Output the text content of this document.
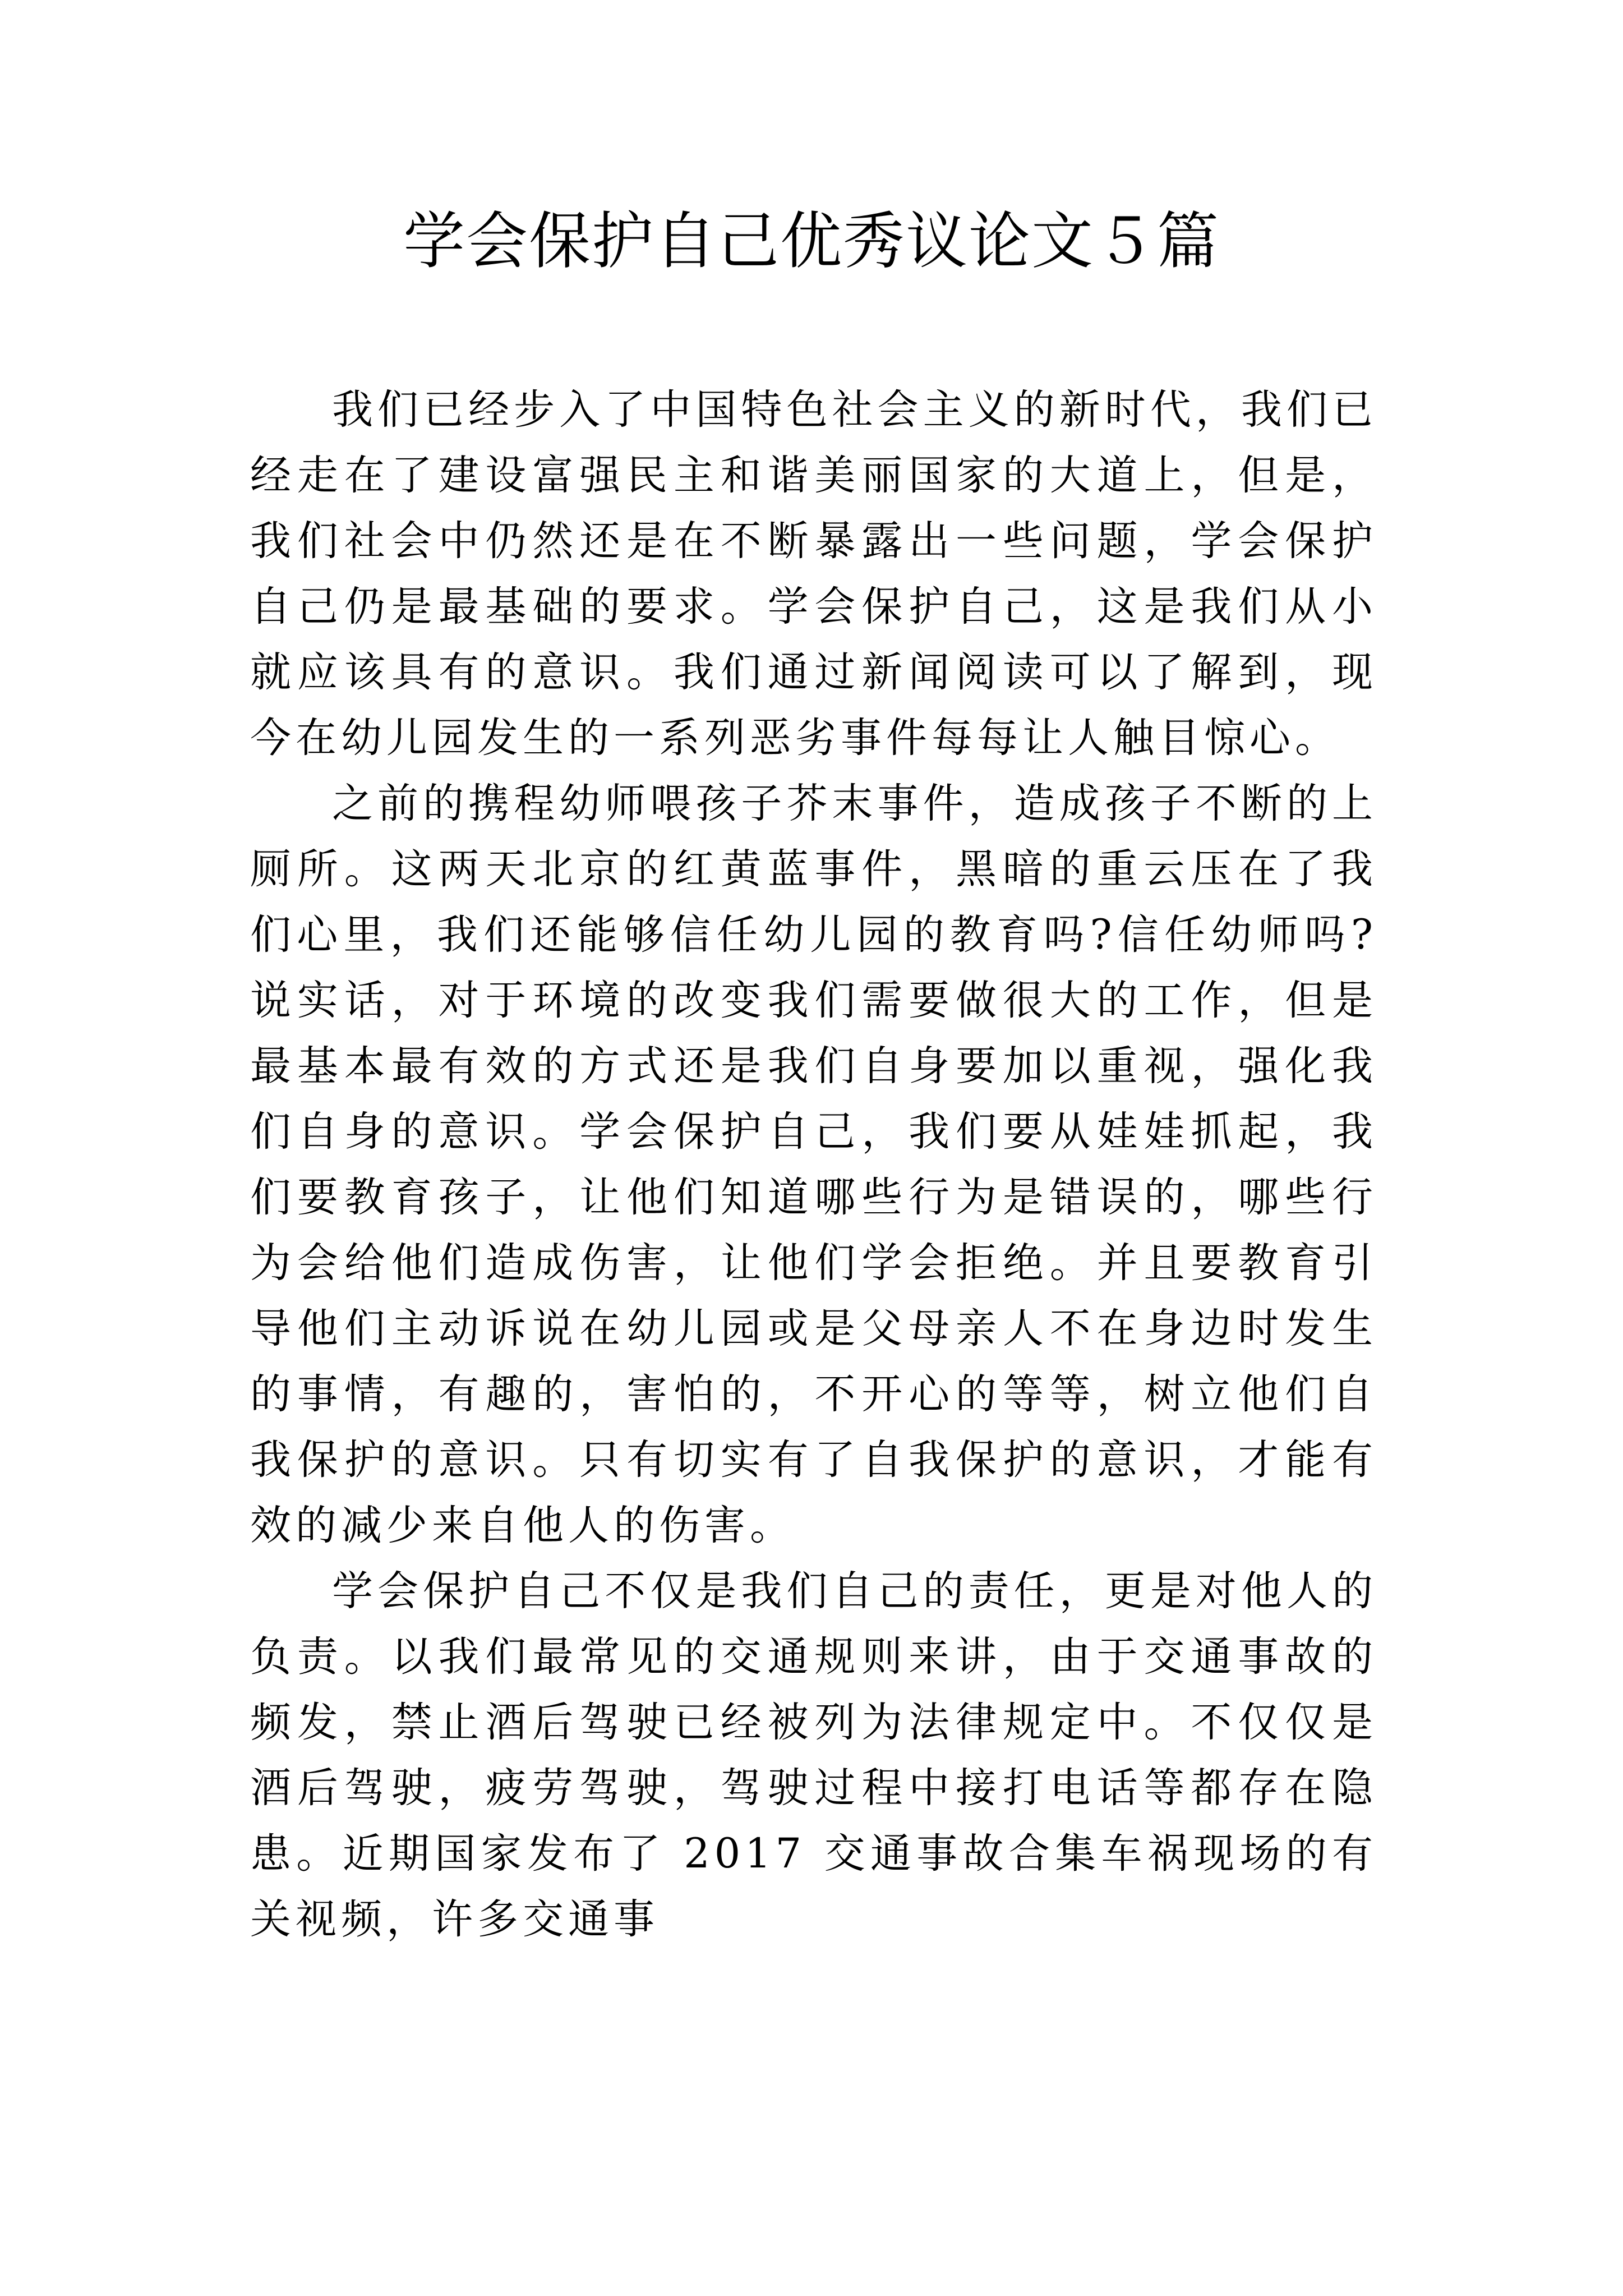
学会保护自己优秀议论文５篇

我们已经步入了中国特色社会主义的新时代，我们已经走在了建设富强民主和谐美丽国家的大道上，但是，我们社会中仍然还是在不断暴露出一些问题，学会保护自己仍是最基础的要求。学会保护自己，这是我们从小就应该具有的意识。我们通过新闻阅读可以了解到，现今在幼儿园发生的一系列恶劣事件每每让人触目惊心。

之前的携程幼师喂孩子芥末事件，造成孩子不断的上厕所。这两天北京的红黄蓝事件，黑暗的重云压在了我们心里，我们还能够信任幼儿园的教育吗?信任幼师吗?说实话，对于环境的改变我们需要做很大的工作，但是最基本最有效的方式还是我们自身要加以重视，强化我们自身的意识。学会保护自己，我们要从娃娃抓起，我们要教育孩子，让他们知道哪些行为是错误的，哪些行为会给他们造成伤害，让他们学会拒绝。并且要教育引导他们主动诉说在幼儿园或是父母亲人不在身边时发生的事情，有趣的，害怕的，不开心的等等，树立他们自我保护的意识。只有切实有了自我保护的意识，才能有效的减少来自他人的伤害。

学会保护自己不仅是我们自己的责任，更是对他人的负责。以我们最常见的交通规则来讲，由于交通事故的频发，禁止酒后驾驶已经被列为法律规定中。不仅仅是酒后驾驶，疲劳驾驶，驾驶过程中接打电话等都存在隐患。近期国家发布了 2017 交通事故合集车祸现场的有关视频，许多交通事
